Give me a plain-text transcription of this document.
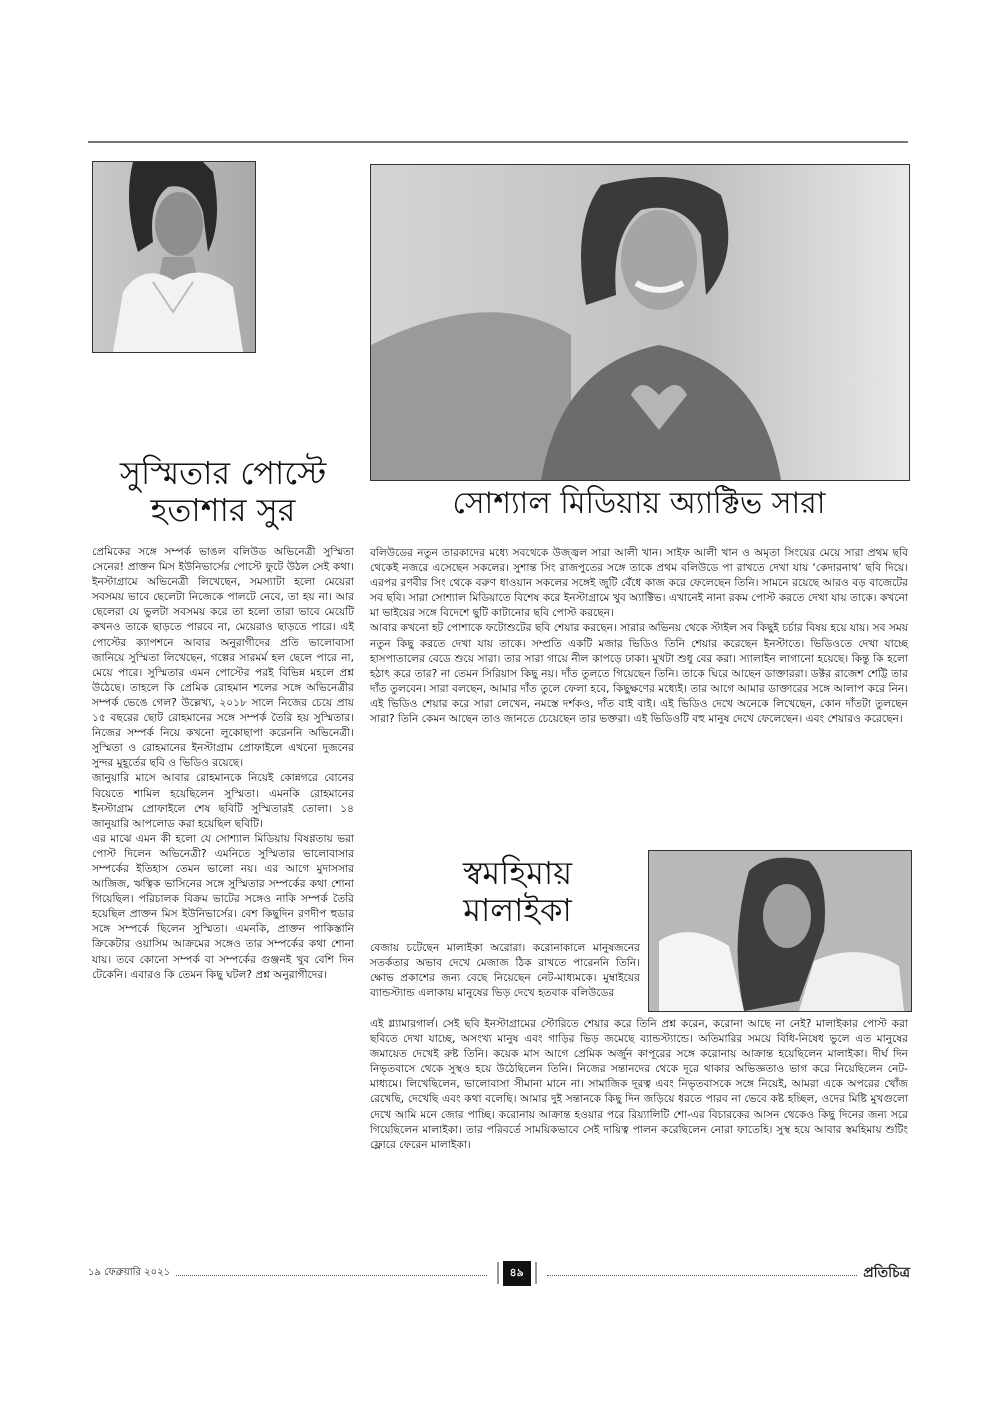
সুস্মিতার পোস্টে
হতাশার সুর

প্রেমিকের সঙ্গে সম্পর্ক ভাঙল বলিউড অভিনেত্রী সুস্মিতা সেনের! প্রাক্তন মিস ইউনিভার্সের পোস্টে ফুটে উঠল সেই কথা। ইনস্টাগ্রামে অভিনেত্রী লিখেছেন, সমস্যাটা হলো মেয়েরা সবসময় ভাবে ছেলেটা নিজেকে পালটে নেবে, তা হয় না। আর ছেলেরা যে ভুলটা সবসময় করে তা হলো তারা ভাবে মেয়েটি কখনও তাকে ছাড়তে পারবে না, মেয়েরাও ছাড়তে পারে। এই পোস্টের ক্যাপশনে আবার অনুরাগীদের প্রতি ভালোবাসা জানিয়ে সুস্মিতা লিখেছেন, গল্পের সারমর্ম হল ছেলে পারে না, মেয়ে পারে। সুস্মিতার এমন পোস্টের পরই বিভিন্ন মহলে প্রশ্ন উঠেছে। তাহলে কি প্রেমিক রোহমান শলের সঙ্গে অভিনেত্রীর সম্পর্ক ভেঙে গেল? উল্লেখ্য, ২০১৮ সালে নিজের চেয়ে প্রায় ১৫ বছরের ছোট রোহমানের সঙ্গে সম্পর্ক তৈরি হয় সুস্মিতার। নিজের সম্পর্ক নিয়ে কখনো লুকোছাপা করেননি অভিনেত্রী। সুস্মিতা ও রোহমানের ইনস্টাগ্রাম প্রোফাইলে এখনো দুজনের সুন্দর মুহূর্তের ছবি ও ভিডিও রয়েছে।

জানুয়ারি মাসে আবার রোহমানকে নিয়েই কোন্নগরে বোনের বিয়েতে শামিল হয়েছিলেন সুস্মিতা। এমনকি রোহমানের ইনস্টাগ্রাম প্রোফাইলে শেষ ছবিটি সুস্মিতারই তোলা। ১৪ জানুয়ারি আপলোড করা হয়েছিল ছবিটি।

এর মাঝে এমন কী হলো যে সোশ্যাল মিডিয়ায় বিষণ্ণতায় ভরা পোস্ট দিলেন অভিনেত্রী? এমনিতে সুস্মিতার ভালোবাসার সম্পর্কের ইতিহাস তেমন ভালো নয়। এর আগে মুদাসসার আজিজ, ঋত্বিক ভাসিনের সঙ্গে সুস্মিতার সম্পর্কের কথা শোনা গিয়েছিল। পরিচালক বিক্রম ভাটের সঙ্গেও নাকি সম্পর্ক তৈরি হয়েছিল প্রাক্তন মিস ইউনিভার্সের। বেশ কিছুদিন রণদীপ হুডার সঙ্গে সম্পর্কে ছিলেন সুস্মিতা। এমনকি, প্রাক্তন পাকিস্তানি ক্রিকেটার ওয়াসিম আক্রমের সঙ্গেও তার সম্পর্কের কথা শোনা যায়। তবে কোনো সম্পর্ক বা সম্পর্কের গুঞ্জনই খুব বেশি দিন টেকেনি। এবারও কি তেমন কিছু ঘটল? প্রশ্ন অনুরাগীদের।

সোশ্যাল মিডিয়ায় অ্যাক্টিভ সারা

বলিউডের নতুন তারকাদের মধ্যে সবথেকে উজ্জ্বল সারা আলী খান। সাইফ আলী খান ও অমৃতা সিংয়ের মেয়ে সারা প্রথম ছবি থেকেই নজরে এসেছেন সকলের। সুশান্ত সিং রাজপুতের সঙ্গে তাকে প্রথম বলিউডে পা রাখতে দেখা যায় ‘কেদারনাথ’ ছবি দিয়ে। এরপর রণবীর সিং থেকে বরুণ ধাওয়ান সকলের সঙ্গেই জুটি বেঁধে কাজ করে ফেলেছেন তিনি। সামনে রয়েছে আরও বড় বাজেটের সব ছবি। সারা সোশ্যাল মিডিয়াতে বিশেষ করে ইনস্টাগ্রামে খুব অ্যাক্টিভ। এখানেই নানা রকম পোস্ট করতে দেখা যায় তাকে। কখনো মা ভাইয়ের সঙ্গে বিদেশে ছুটি কাটানোর ছবি পোস্ট করছেন।

আবার কখনো হট পোশাকে ফটোশুটের ছবি শেয়ার করছেন। সারার অভিনয় থেকে স্টাইল সব কিছুই চর্চার বিষয় হয়ে যায়। সব সময় নতুন কিছু করতে দেখা যায় তাকে। সম্প্রতি একটি মজার ভিডিও তিনি শেয়ার করেছেন ইনস্টাতে। ভিডিওতে দেখা যাচ্ছে হাসপাতালের বেডে শুয়ে সারা। তার সারা গায়ে নীল কাপড়ে ঢাকা। মুখটা শুধু বের করা। স্যালাইন লাগানো হয়েছে। কিন্তু কি হলো হঠাৎ করে তার? না তেমন সিরিয়াস কিছু নয়। দাঁত তুলতে গিয়েছেন তিনি। তাকে ঘিরে আছেন ডাক্তাররা। ডক্টর রাজেশ শেট্টি তার দাঁত তুলবেন। সারা বলছেন, আমার দাঁত তুলে ফেলা হবে, কিছুক্ষণের মধ্যেই। তার আগে আমার ডাক্তারের সঙ্গে আলাপ করে নিন। এই ভিডিও শেয়ার করে সারা লেখেন, নমস্তে দর্শকও, দাঁত বাই বাই। এই ভিডিও দেখে অনেকে লিখেছেন, কোন দাঁতটা তুলছেন সারা? তিনি কেমন আছেন তাও জানতে চেয়েছেন তার ভক্তরা। এই ভিডিওটি বহু মানুষ দেখে ফেলেছেন। এবং শেয়ারও করেছেন।

স্বমহিমায়
মালাইকা

বেজায় চটেছেন মালাইকা অরোরা। করোনাকালে মানুষজনের সতর্কতার অভাব দেখে মেজাজ ঠিক রাখতে পারেননি তিনি। ক্ষোভ প্রকাশের জন্য বেছে নিয়েছেন নেট-মাধ্যমকে। মুম্বাইয়ের ব্যান্ডস্ট্যান্ড এলাকায় মানুষের ভিড় দেখে হতবাক বলিউডের

এই গ্ল্যামারগার্ল। সেই ছবি ইনস্টাগ্রামের স্টোরিতে শেয়ার করে তিনি প্রশ্ন করেন, করোনা আছে না নেই? মালাইকার পোস্ট করা ছবিতে দেখা যাচ্ছে, অসংখ্য মানুষ এবং গাড়ির ভিড় জমেছে ব্যান্ডস্ট্যান্ডে। অতিমারির সময়ে বিধি-নিষেধ ভুলে এত মানুষের জমায়েত দেখেই রুষ্ট তিনি। কয়েক মাস আগে প্রেমিক অর্জুন কাপূরের সঙ্গে করোনায় আক্রান্ত হয়েছিলেন মালাইকা। দীর্ঘ দিন নিভৃতবাসে থেকে সুস্থও হয়ে উঠেছিলেন তিনি। নিজের সন্তানদের থেকে দূরে থাকার অভিজ্ঞতাও ভাগ করে নিয়েছিলেন নেট-মাধ্যমে। লিখেছিলেন, ভালোবাসা সীমানা মানে না। সামাজিক দূরত্ব এবং নিভৃতবাসকে সঙ্গে নিয়েই, আমরা একে অপরের খোঁজ রেখেছি, দেখেছি এবং কথা বলেছি। আমার দুই সন্তানকে কিছু দিন জড়িয়ে ধরতে পারব না ভেবে কষ্ট হচ্ছিল, ওদের মিষ্টি মুখগুলো দেখে আমি মনে জোর পাচ্ছি। করোনায় আক্রান্ত হওয়ার পরে রিয়্যালিটি শো-এর বিচারকের আসন থেকেও কিছু দিনের জন্য সরে গিয়েছিলেন মালাইকা। তার পরিবর্তে সাময়িকভাবে সেই দায়িত্ব পালন করেছিলেন নোরা ফাতেহি। সুস্থ হয়ে আবার স্বমহিমায় শুটিং ফ্লোরে ফেরেন মালাইকা।

১৯ ফেব্রুয়ারি ২০২১	৪৯	প্রতিচিত্র
